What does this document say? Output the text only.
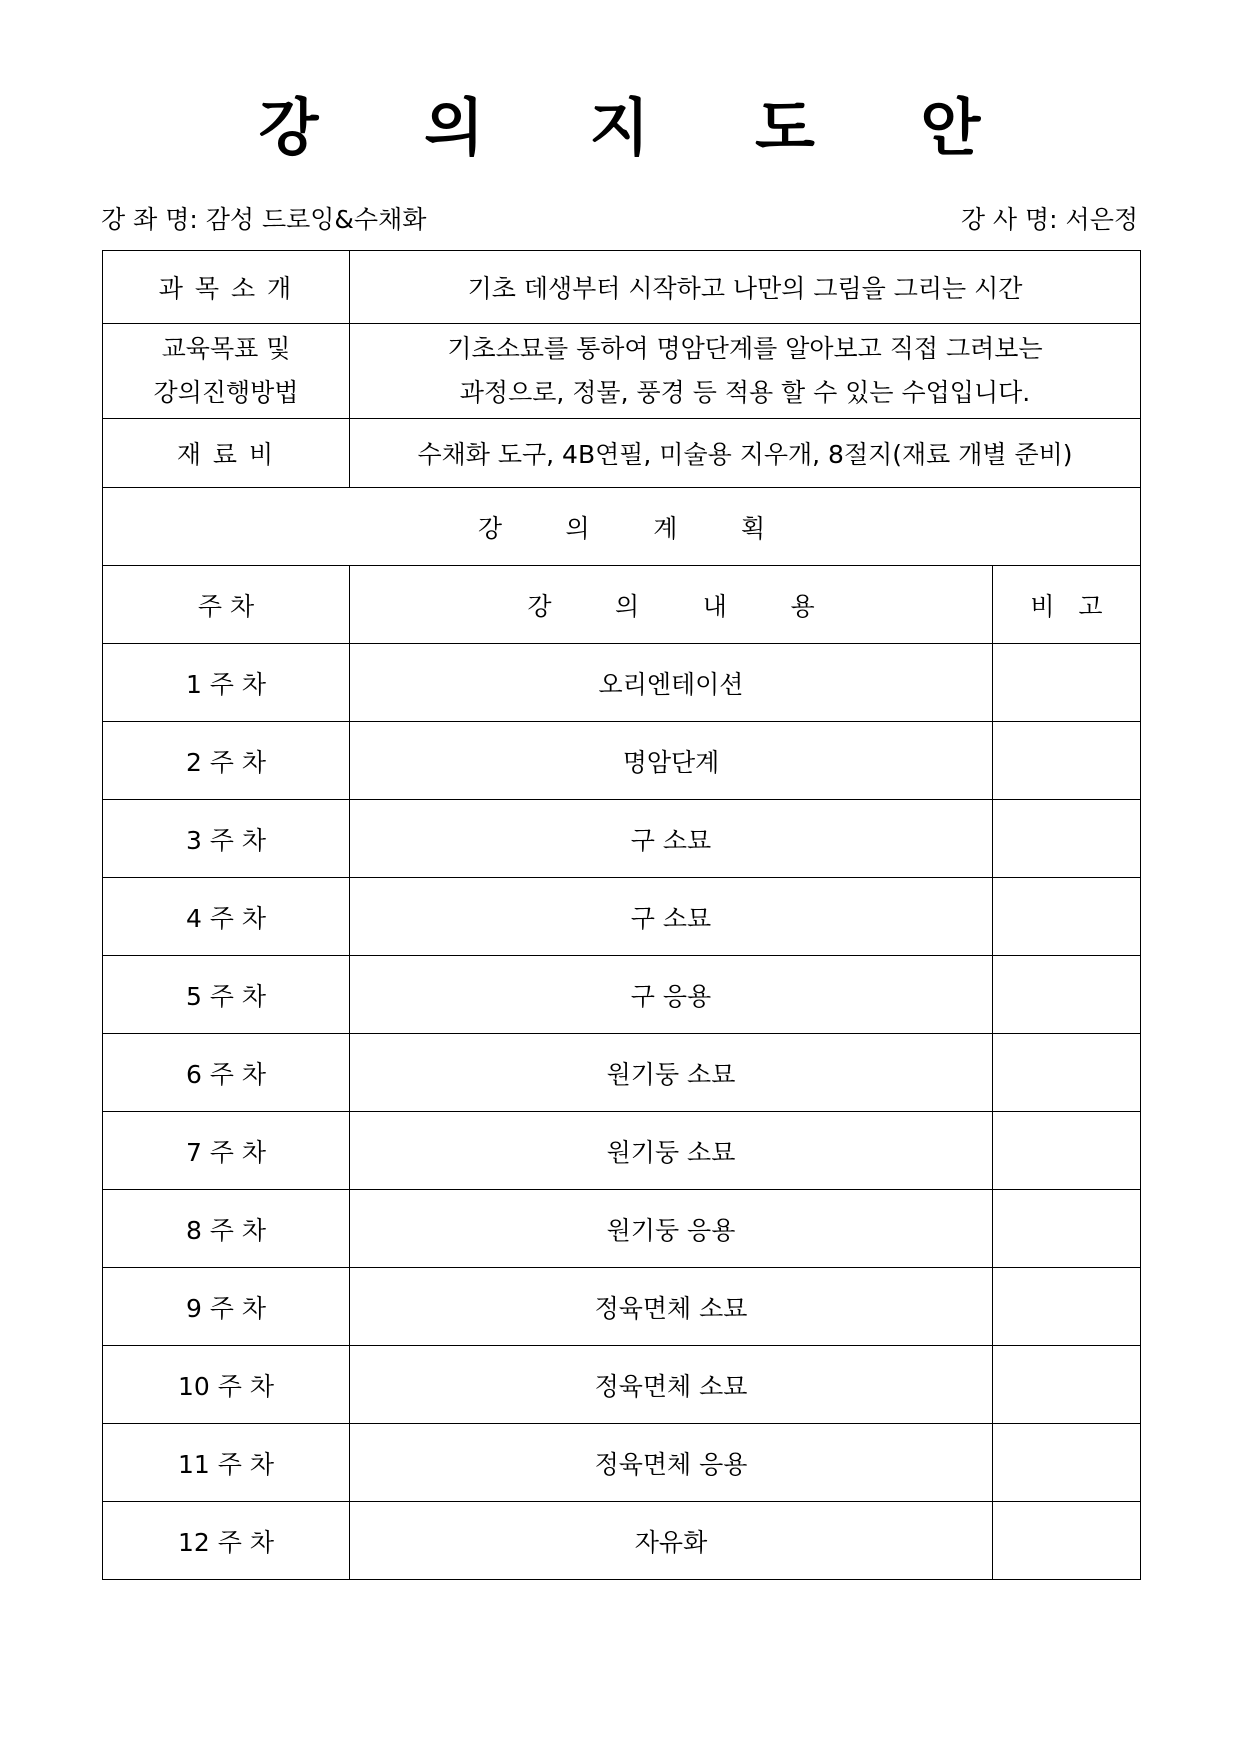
강 의 지 도 안
강 좌 명: 감성 드로잉&수채화	강 사 명: 서은정
과 목 소 개	기초 데생부터 시작하고 나만의 그림을 그리는 시간	
교육목표 및
강의진행방법	기초소묘를 통하여 명암단계를 알아보고 직접 그려보는
과정으로, 정물, 풍경 등 적용 할 수 있는 수업입니다.	
재 료 비	수채화 도구, 4B연필, 미술용 지우개, 8절지(재료 개별 준비)	
강        의        계        획		
주 차	강        의        내        용	비   고
1 주 차	오리엔테이션	
2 주 차	명암단계	
3 주 차	구 소묘	
4 주 차	구 소묘	
5 주 차	구 응용	
6 주 차	원기둥 소묘	
7 주 차	원기둥 소묘	
8 주 차	원기둥 응용	
9 주 차	정육면체 소묘	
10 주 차	정육면체 소묘	
11 주 차	정육면체 응용	
12 주 차	자유화	
